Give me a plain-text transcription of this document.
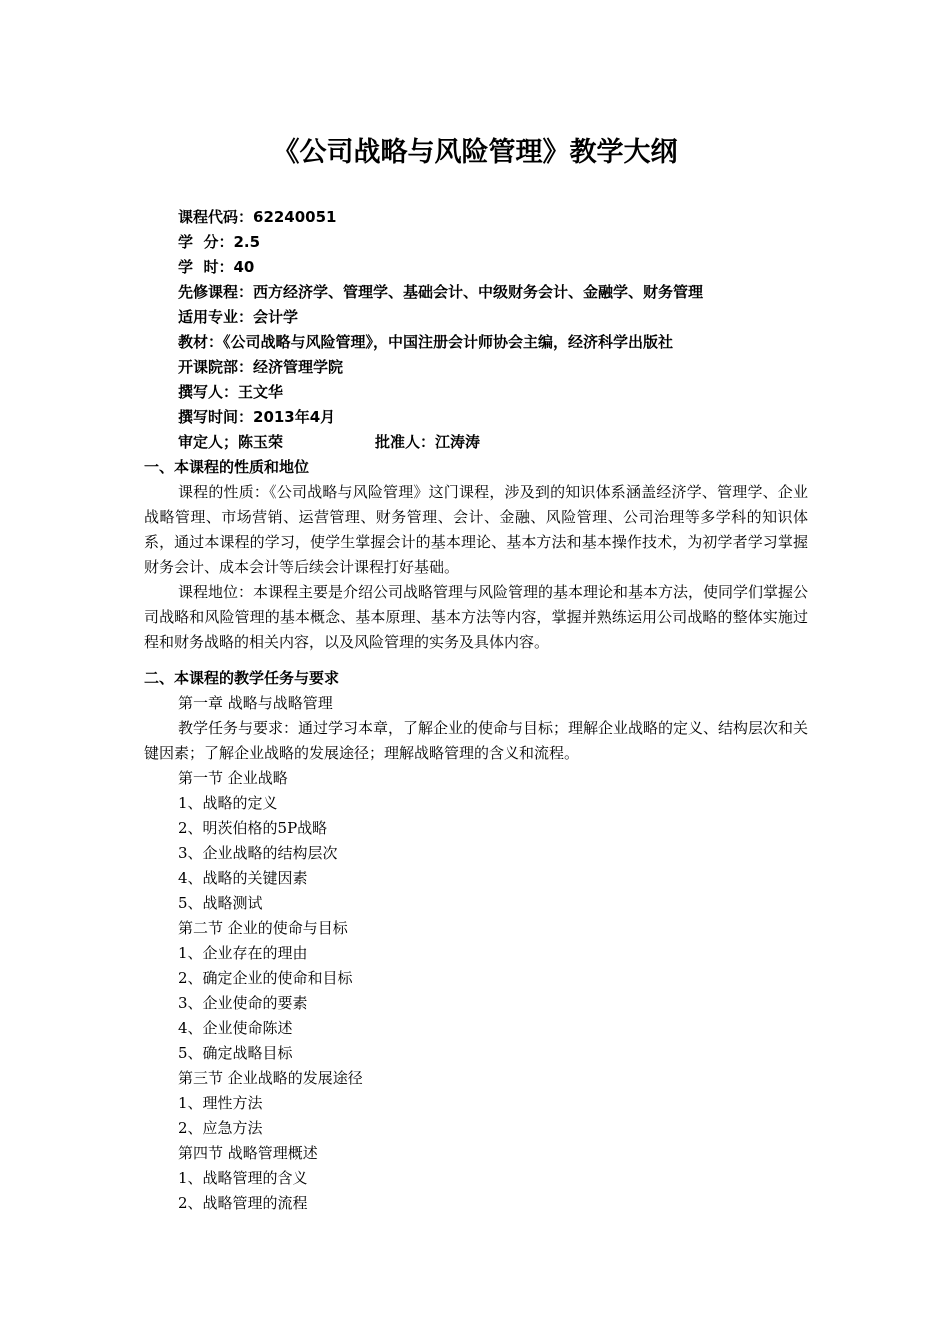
《公司战略与风险管理》教学大纲
课程代码：62240051
学  分：2.5
学  时：40
先修课程：西方经济学、管理学、基础会计、中级财务会计、金融学、财务管理
适用专业：会计学
教材：《公司战略与风险管理》，中国注册会计师协会主编，经济科学出版社
开课院部：经济管理学院
撰写人：王文华
撰写时间：2013年4月
审定人；陈玉荣	批准人：江涛涛
一、本课程的性质和地位

课程的性质：《公司战略与风险管理》这门课程，涉及到的知识体系涵盖经济学、管理学、企业战略管理、市场营销、运营管理、财务管理、会计、金融、风险管理、公司治理等多学科的知识体系，通过本课程的学习，使学生掌握会计的基本理论、基本方法和基本操作技术，为初学者学习掌握财务会计、成本会计等后续会计课程打好基础。

课程地位：本课程主要是介绍公司战略管理与风险管理的基本理论和基本方法，使同学们掌握公司战略和风险管理的基本概念、基本原理、基本方法等内容，掌握并熟练运用公司战略的整体实施过程和财务战略的相关内容，以及风险管理的实务及具体内容。

二、本课程的教学任务与要求
第一章 战略与战略管理

教学任务与要求：通过学习本章，了解企业的使命与目标；理解企业战略的定义、结构层次和关键因素；了解企业战略的发展途径；理解战略管理的含义和流程。

第一节 企业战略
1、战略的定义
2、明茨伯格的5P战略
3、企业战略的结构层次
4、战略的关键因素
5、战略测试
第二节 企业的使命与目标
1、企业存在的理由
2、确定企业的使命和目标
3、企业使命的要素
4、企业使命陈述
5、确定战略目标
第三节 企业战略的发展途径
1、理性方法
2、应急方法
第四节 战略管理概述
1、战略管理的含义
2、战略管理的流程
